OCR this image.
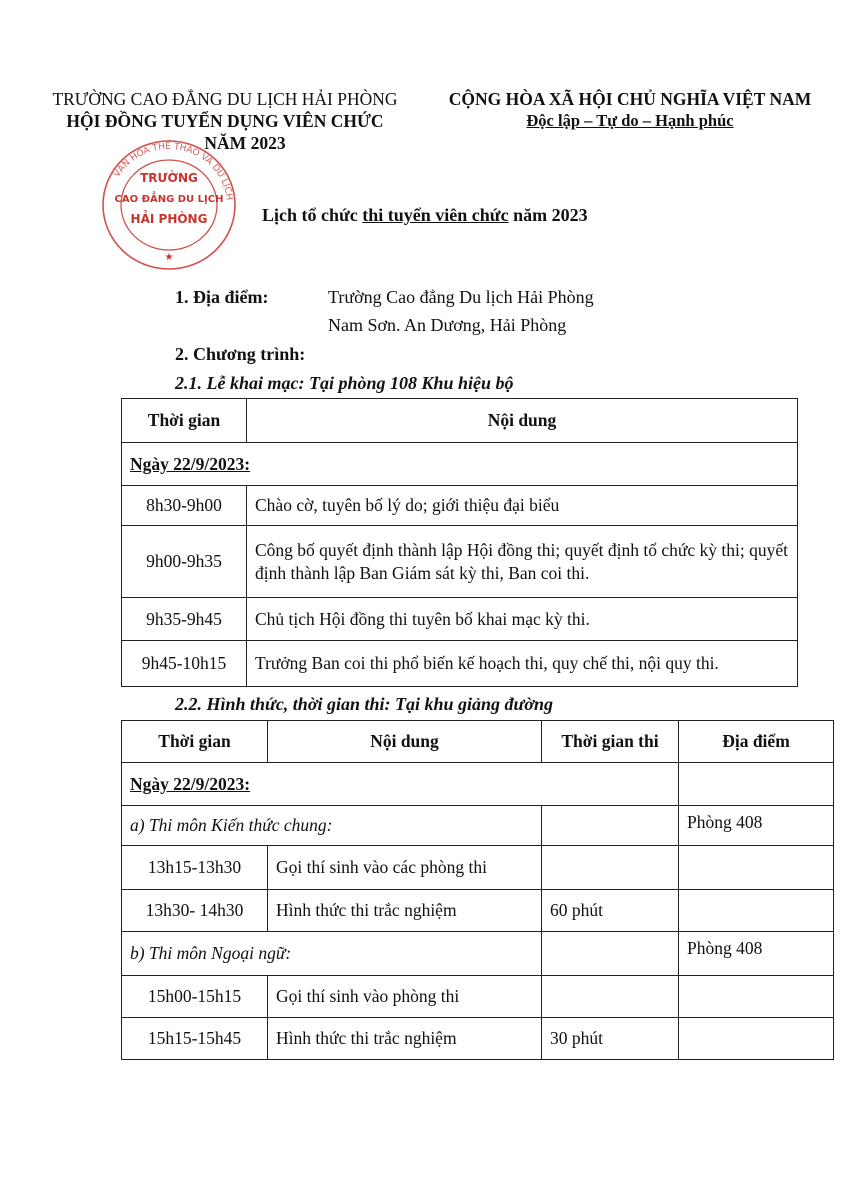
TRƯỜNG CAO ĐẲNG DU LỊCH HẢI PHÒNG
HỘI ĐỒNG TUYỂN DỤNG VIÊN CHỨC
NĂM 2023
CỘNG HÒA XÃ HỘI CHỦ NGHĨA VIỆT NAM
Độc lập – Tự do – Hạnh phúc
VĂN HÓA THỂ THAO VÀ DU LỊCH
TRƯỜNG
CAO ĐẲNG DU LỊCH
HẢI PHÒNG
★
Lịch tổ chức thi tuyển viên chức năm 2023
1. Địa điểm:	Trường Cao đẳng Du lịch Hải Phòng
Nam Sơn. An Dương, Hải Phòng
2. Chương trình:
2.1. Lễ khai mạc: Tại phòng 108 Khu hiệu bộ
Thời gian	Nội dung
Ngày 22/9/2023:	
8h30-9h00	Chào cờ, tuyên bố lý do; giới thiệu đại biểu
9h00-9h35	Công bố quyết định thành lập Hội đồng thi; quyết định tổ chức kỳ thi; quyết định thành lập Ban Giám sát kỳ thi, Ban coi thi.
9h35-9h45	Chủ tịch Hội đồng thi tuyên bố khai mạc kỳ thi.
9h45-10h15	Trưởng Ban coi thi phổ biến kế hoạch thi, quy chế thi, nội quy thi.
2.2. Hình thức, thời gian thi: Tại khu giảng đường
Thời gian	Nội dung	Thời gian thi	Địa điểm
Ngày 22/9/2023:			
a) Thi môn Kiến thức chung:			Phòng 408
13h15-13h30	Gọi thí sinh vào các phòng thi		
13h30- 14h30	Hình thức thi trắc nghiệm	60 phút	
b) Thi môn Ngoại ngữ:			Phòng 408
15h00-15h15	Gọi thí sinh vào phòng thi		
15h15-15h45	Hình thức thi trắc nghiệm	30 phút	
